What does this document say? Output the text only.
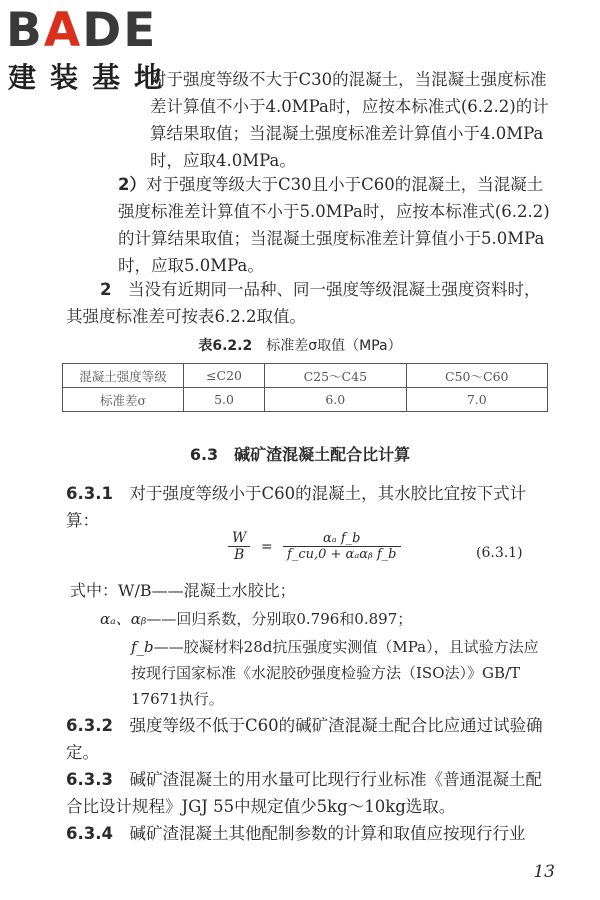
BADE
建装基地

对于强度等级不大于C30的混凝土，当混凝土强度标准差计算值不小于4.0MPa时，应按本标准式(6.2.2)的计算结果取值；当混凝土强度标准差计算值小于4.0MPa时，应取4.0MPa。

2）对于强度等级大于C30且小于C60的混凝土，当混凝土强度标准差计算值不小于5.0MPa时，应按本标准式(6.2.2)的计算结果取值；当混凝土强度标准差计算值小于5.0MPa时，应取5.0MPa。

2　 当没有近期同一品种、同一强度等级混凝土强度资料时，其强度标准差可按表6.2.2取值。

表6.2.2　 标准差σ取值（MPa）
混凝土强度等级	≤C20	C25～C45	C50～C60
标准差σ	5.0	6.0	7.0
6.3　碱矿渣混凝土配合比计算

6.3.1　 对于强度等级小于C60的混凝土，其水胶比宜按下式计算：

$\frac{W}{B} = \frac{\text{αₐ f\_b}}{\text{f\_cu,0 + αₐαᵦ f\_b}}$	(6.3.1)
式中：W/B——混凝土水胶比；
αₐ、αᵦ——回归系数，分别取0.796和0.897；
f_b——胶凝材料28d抗压强度实测值（MPa），且试验方法应按现行国家标准《水泥胶砂强度检验方法（ISO法）》GB/T 17671执行。

6.3.2　 强度等级不低于C60的碱矿渣混凝土配合比应通过试验确定。

6.3.3　 碱矿渣混凝土的用水量可比现行行业标准《普通混凝土配合比设计规程》JGJ 55中规定值少5kg～10kg选取。

6.3.4　 碱矿渣混凝土其他配制参数的计算和取值应按现行行业

13
